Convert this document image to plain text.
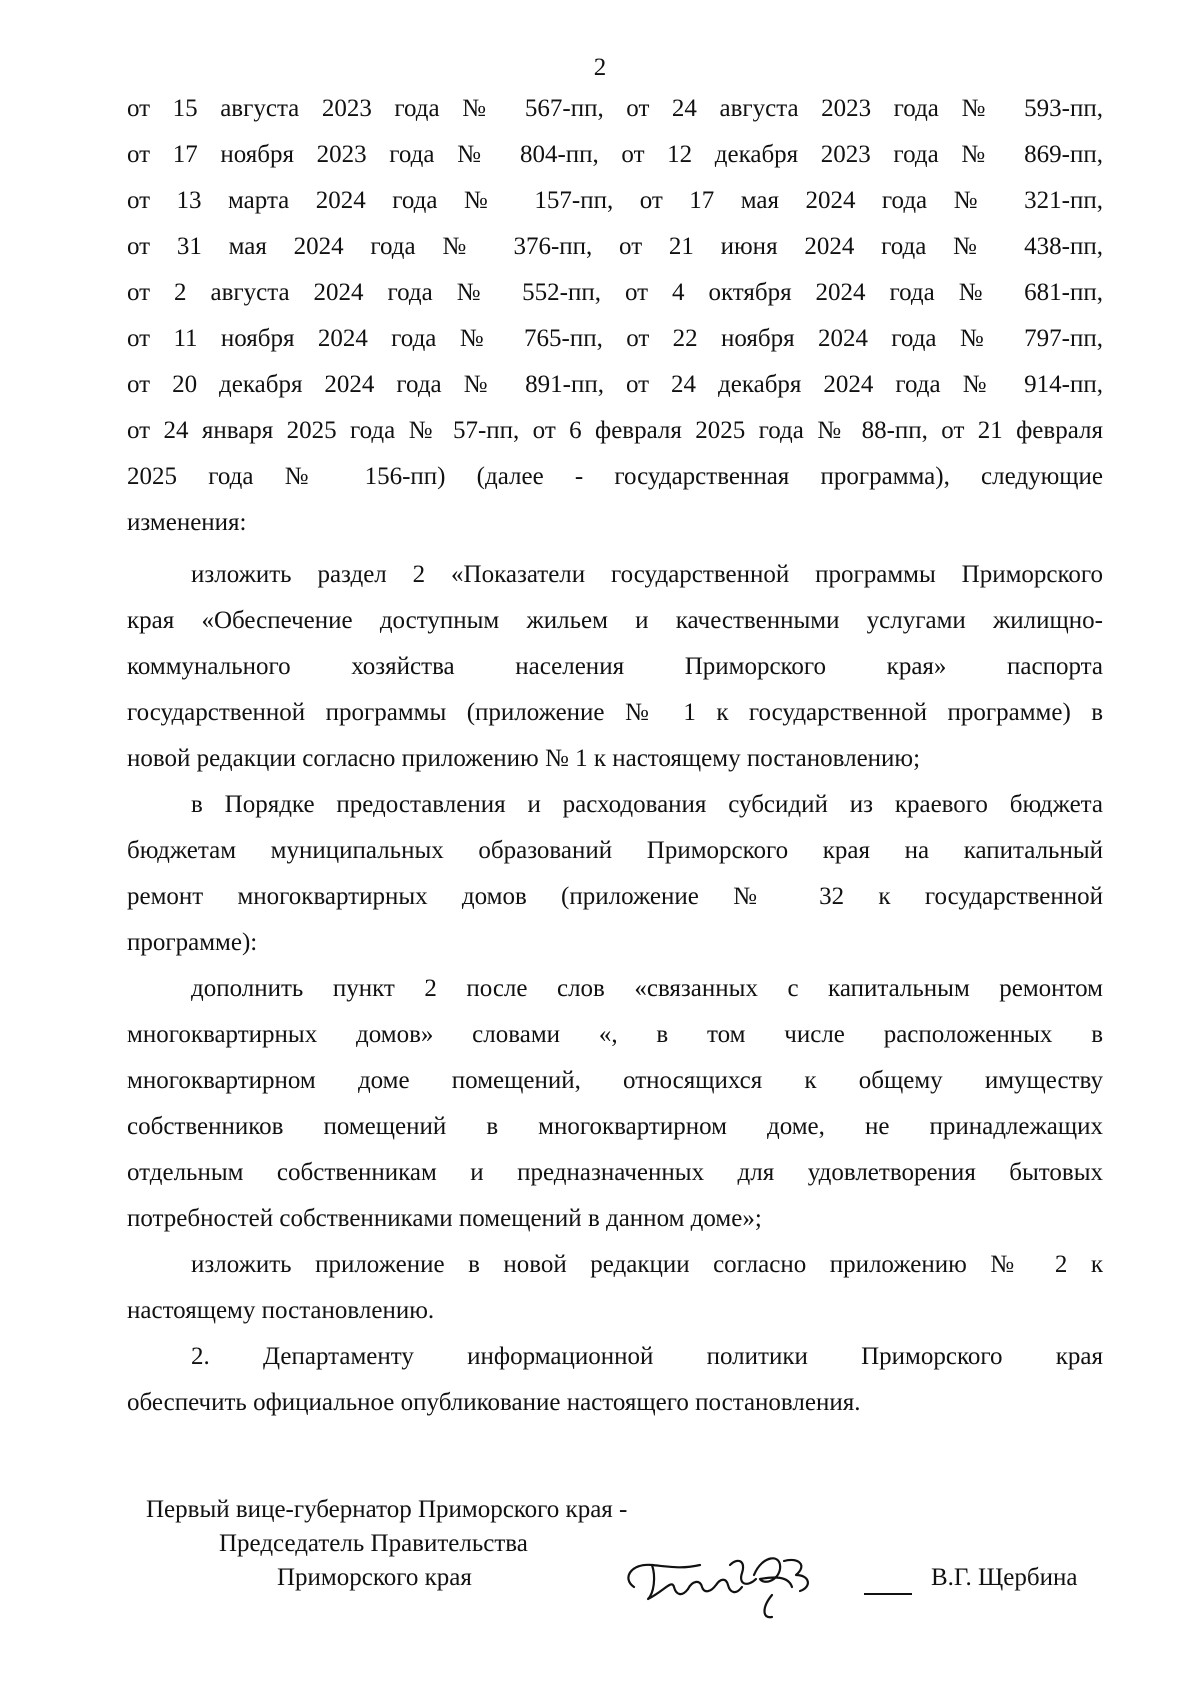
2
от 15 августа 2023 года № 567-пп, от 24 августа 2023 года № 593-пп,
от 17 ноября 2023 года № 804-пп, от 12 декабря 2023 года № 869-пп,
от 13 марта 2024 года № 157-пп, от 17 мая 2024 года № 321-пп,
от 31 мая 2024 года № 376-пп, от 21 июня 2024 года № 438-пп,
от 2 августа 2024 года № 552-пп, от 4 октября 2024 года № 681-пп,
от 11 ноября 2024 года № 765-пп, от 22 ноября 2024 года № 797-пп,
от 20 декабря 2024 года № 891-пп, от 24 декабря 2024 года № 914-пп,
от 24 января 2025 года № 57-пп, от 6 февраля 2025 года № 88-пп, от 21 февраля
2025 года № 156-пп) (далее - государственная программа), следующие
изменения:
изложить раздел 2 «Показатели государственной программы Приморского
края «Обеспечение доступным жильем и качественными услугами жилищно-
коммунального хозяйства населения Приморского края» паспорта
государственной программы (приложение № 1 к государственной программе) в
новой редакции согласно приложению № 1 к настоящему постановлению;
в Порядке предоставления и расходования субсидий из краевого бюджета
бюджетам муниципальных образований Приморского края на капитальный
ремонт многоквартирных домов (приложение № 32 к государственной
программе):
дополнить пункт 2 после слов «связанных с капитальным ремонтом
многоквартирных домов» словами «, в том числе расположенных в
многоквартирном доме помещений, относящихся к общему имуществу
собственников помещений в многоквартирном доме, не принадлежащих
отдельным собственникам и предназначенных для удовлетворения бытовых
потребностей собственниками помещений в данном доме»;
изложить приложение в новой редакции согласно приложению № 2 к
настоящему постановлению.
2. Департаменту информационной политики Приморского края
обеспечить официальное опубликование настоящего постановления.
Первый вице-губернатор Приморского края -
Председатель Правительства
Приморского края	В.Г. Щербина
